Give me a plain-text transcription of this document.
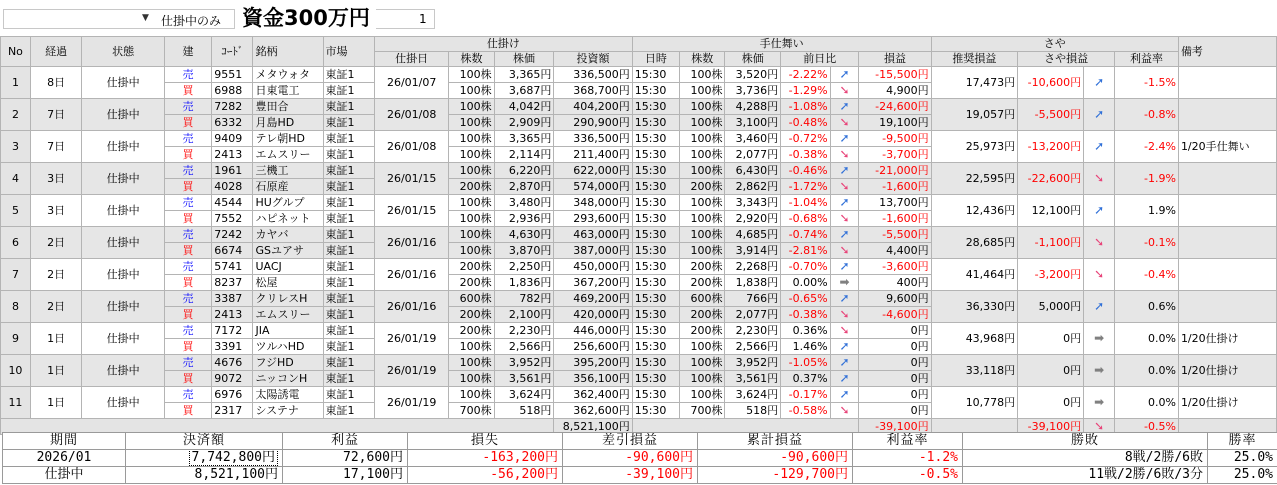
▼ 仕掛中のみ	1
資金300万円
No	経過	状態	建	ｺｰﾄﾞ	銘柄	市場	仕掛け				手仕舞い						さや				備考
							仕掛日	株数	株価	投資額	日時	株数	株価	前日比		損益	推奨損益	さや損益		利益率	
1	8日	仕掛中	売	9551	メタウォタ	東証1	26/01/07	100株	3,365円	336,500円	15:30	100株	3,520円	-2.22%	➚	-15,500円	17,473円	-10,600円	➚	-1.5%	
			買	6988	日東電工	東証1		100株	3,687円	368,700円	15:30	100株	3,736円	-1.29%	➘	4,900円					
2	7日	仕掛中	売	7282	豊田合	東証1	26/01/08	100株	4,042円	404,200円	15:30	100株	4,288円	-1.08%	➚	-24,600円	19,057円	-5,500円	➚	-0.8%	
			買	6332	月島HD	東証1		100株	2,909円	290,900円	15:30	100株	3,100円	-0.48%	➘	19,100円					
3	7日	仕掛中	売	9409	テレ朝HD	東証1	26/01/08	100株	3,365円	336,500円	15:30	100株	3,460円	-0.72%	➚	-9,500円	25,973円	-13,200円	➚	-2.4%	1/20手仕舞い
			買	2413	エムスリー	東証1		100株	2,114円	211,400円	15:30	100株	2,077円	-0.38%	➘	-3,700円					
4	3日	仕掛中	売	1961	三機工	東証1	26/01/15	100株	6,220円	622,000円	15:30	100株	6,430円	-0.46%	➚	-21,000円	22,595円	-22,600円	➘	-1.9%	
			買	4028	石原産	東証1		200株	2,870円	574,000円	15:30	200株	2,862円	-1.72%	➘	-1,600円					
5	3日	仕掛中	売	4544	HUグルプ	東証1	26/01/15	100株	3,480円	348,000円	15:30	100株	3,343円	-1.04%	➚	13,700円	12,436円	12,100円	➚	1.9%	
			買	7552	ハピネット	東証1		100株	2,936円	293,600円	15:30	100株	2,920円	-0.68%	➘	-1,600円					
6	2日	仕掛中	売	7242	カヤバ	東証1	26/01/16	100株	4,630円	463,000円	15:30	100株	4,685円	-0.74%	➚	-5,500円	28,685円	-1,100円	➘	-0.1%	
			買	6674	GSユアサ	東証1		100株	3,870円	387,000円	15:30	100株	3,914円	-2.81%	➘	4,400円					
7	2日	仕掛中	売	5741	UACJ	東証1	26/01/16	200株	2,250円	450,000円	15:30	200株	2,268円	-0.70%	➚	-3,600円	41,464円	-3,200円	➘	-0.4%	
			買	8237	松屋	東証1		200株	1,836円	367,200円	15:30	200株	1,838円	0.00%	➡	400円					
8	2日	仕掛中	売	3387	クリレスH	東証1	26/01/16	600株	782円	469,200円	15:30	600株	766円	-0.65%	➚	9,600円	36,330円	5,000円	➚	0.6%	
			買	2413	エムスリー	東証1		200株	2,100円	420,000円	15:30	200株	2,077円	-0.38%	➘	-4,600円					
9	1日	仕掛中	売	7172	JIA	東証1	26/01/19	200株	2,230円	446,000円	15:30	200株	2,230円	0.36%	➘	0円	43,968円	0円	➡	0.0%	1/20仕掛け
			買	3391	ツルハHD	東証1		100株	2,566円	256,600円	15:30	100株	2,566円	1.46%	➚	0円					
10	1日	仕掛中	売	4676	フジHD	東証1	26/01/19	100株	3,952円	395,200円	15:30	100株	3,952円	-1.05%	➚	0円	33,118円	0円	➡	0.0%	1/20仕掛け
			買	9072	ニッコンH	東証1		100株	3,561円	356,100円	15:30	100株	3,561円	0.37%	➚	0円					
11	1日	仕掛中	売	6976	太陽誘電	東証1	26/01/19	100株	3,624円	362,400円	15:30	100株	3,624円	-0.17%	➚	0円	10,778円	0円	➡	0.0%	1/20仕掛け
			買	2317	システナ	東証1		700株	518円	362,600円	15:30	700株	518円	-0.58%	➘	0円					
										8,521,100円						-39,100円		-39,100円	➘	-0.5%	
期間	決済額	利益	損失	差引損益	累計損益	利益率	勝敗	勝率
2026/01	7,742,800円	72,600円	-163,200円	-90,600円	-90,600円	-1.2%	8戦/2勝/6敗	25.0%
仕掛中	8,521,100円	17,100円	-56,200円	-39,100円	-129,700円	-0.5%	11戦/2勝/6敗/3分	25.0%
